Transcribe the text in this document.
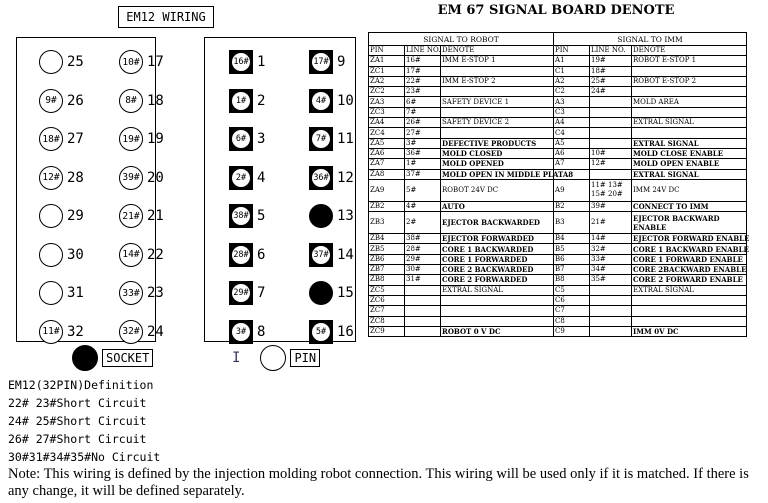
EM12 WIRING
25	10# 17
9# 26	8# 18
18# 27	19# 19
12# 28	39# 20
29	21# 21
30	14# 22
31	33# 23
11# 32	32# 24
16# 1	17# 9
1# 2	4# 10
6# 3	7# 11
2# 4	36# 12
38# 5	13
28# 6	37# 14
29# 7	15
3# 8	5# 16
SOCKET	I	PIN
EM 67 SIGNAL BOARD DENOTE
SIGNAL TO ROBOT			SIGNAL TO IMM		
PIN	LINE NO.	DENOTE	PIN	LINE NO.	DENOTE
ZA1	16#	IMM E-STOP 1	A1	19#	ROBOT E-STOP 1
ZC1	17#		C1	18#	
ZA2	22#	IMM E-STOP 2	A2	25#	ROBOT E-STOP 2
ZC2	23#		C2	24#	
ZA3	6#	SAFETY DEVICE 1	A3		MOLD AREA
ZC3	7#		C3		
ZA4	26#	SAFETY DEVICE 2	A4		EXTRAL SIGNAL
ZC4	27#		C4		
ZA5	3#	DEFECTIVE PRODUCTS	A5		EXTRAL SIGNAL
ZA6	36#	MOLD CLOSED	A6	10#	MOLD CLOSE ENABLE
ZA7	1#	MOLD OPENED	A7	12#	MOLD OPEN ENABLE
ZA8	37#	MOLD OPEN IN MIDDLE PLATA8			EXTRAL SIGNAL
ZA9	5#	ROBOT 24V DC	A9	11# 13# 15# 20#	IMM 24V DC
ZB2	4#	AUTO	B2	39#	CONNECT TO IMM
ZB3	2#	EJECTOR BACKWARDED	B3	21#	EJECTOR BACKWARD ENABLE
ZB4	38#	EJECTOR FORWARDED	B4	14#	EJECTOR FORWARD ENABLE
ZB5	28#	CORE 1 BACKWARDED	B5	32#	CORE 1 BACKWARD ENABLE
ZB6	29#	CORE 1 FORWARDED	B6	33#	CORE 1 FORWARD ENABLE
ZB7	30#	CORE 2 BACKWARDED	B7	34#	CORE 2BACKWARD ENABLE
ZB8	31#	CORE 2 FORWARDED	B8	35#	CORE 2 FORWARD ENABLE
ZC5		EXTRAL SIGNAL	C5		EXTRAL SIGNAL
ZC6			C6		
ZC7			C7		
ZC8			C8		
ZC9		ROBOT 0 V DC	C9		IMM 0V DC
EM12(32PIN)Definition
22# 23#Short Circuit
24# 25#Short Circuit
26# 27#Short Circuit
30#31#34#35#No Circuit
Note: This wiring is defined by the injection molding robot connection. This wiring will be used only if it is matched. If there is any change, it will be defined separately.
